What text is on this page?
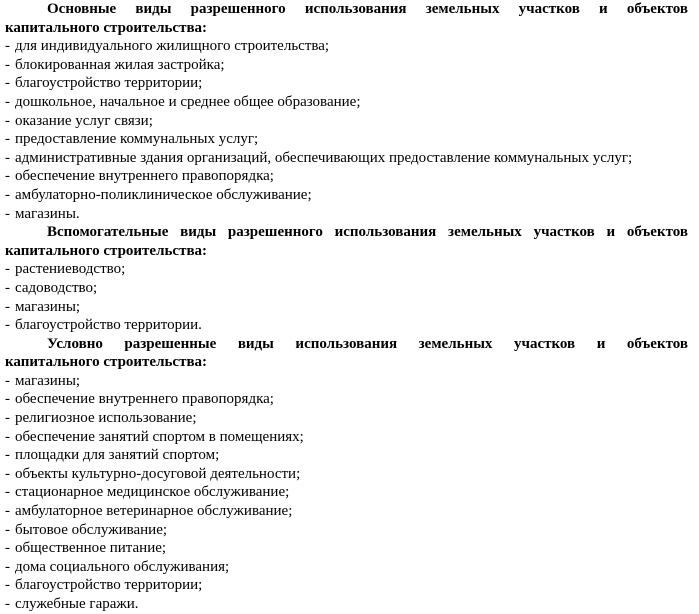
Основные виды разрешенного использования земельных участков и объектов
капитального строительства:
- для индивидуального жилищного строительства;
- блокированная жилая застройка;
- благоустройство территории;
- дошкольное, начальное и среднее общее образование;
- оказание услуг связи;
- предоставление коммунальных услуг;
- административные здания организаций, обеспечивающих предоставление коммунальных услуг;
- обеспечение внутреннего правопорядка;
- амбулаторно-поликлиническое обслуживание;
- магазины.
Вспомогательные виды разрешенного использования земельных участков и объектов
капитального строительства:
- растениеводство;
- садоводство;
- магазины;
- благоустройство территории.
Условно разрешенные виды использования земельных участков и объектов
капитального строительства:
- магазины;
- обеспечение внутреннего правопорядка;
- религиозное использование;
- обеспечение занятий спортом в помещениях;
- площадки для занятий спортом;
- объекты культурно-досуговой деятельности;
- стационарное медицинское обслуживание;
- амбулаторное ветеринарное обслуживание;
- бытовое обслуживание;
- общественное питание;
- дома социального обслуживания;
- благоустройство территории;
- служебные гаражи.
